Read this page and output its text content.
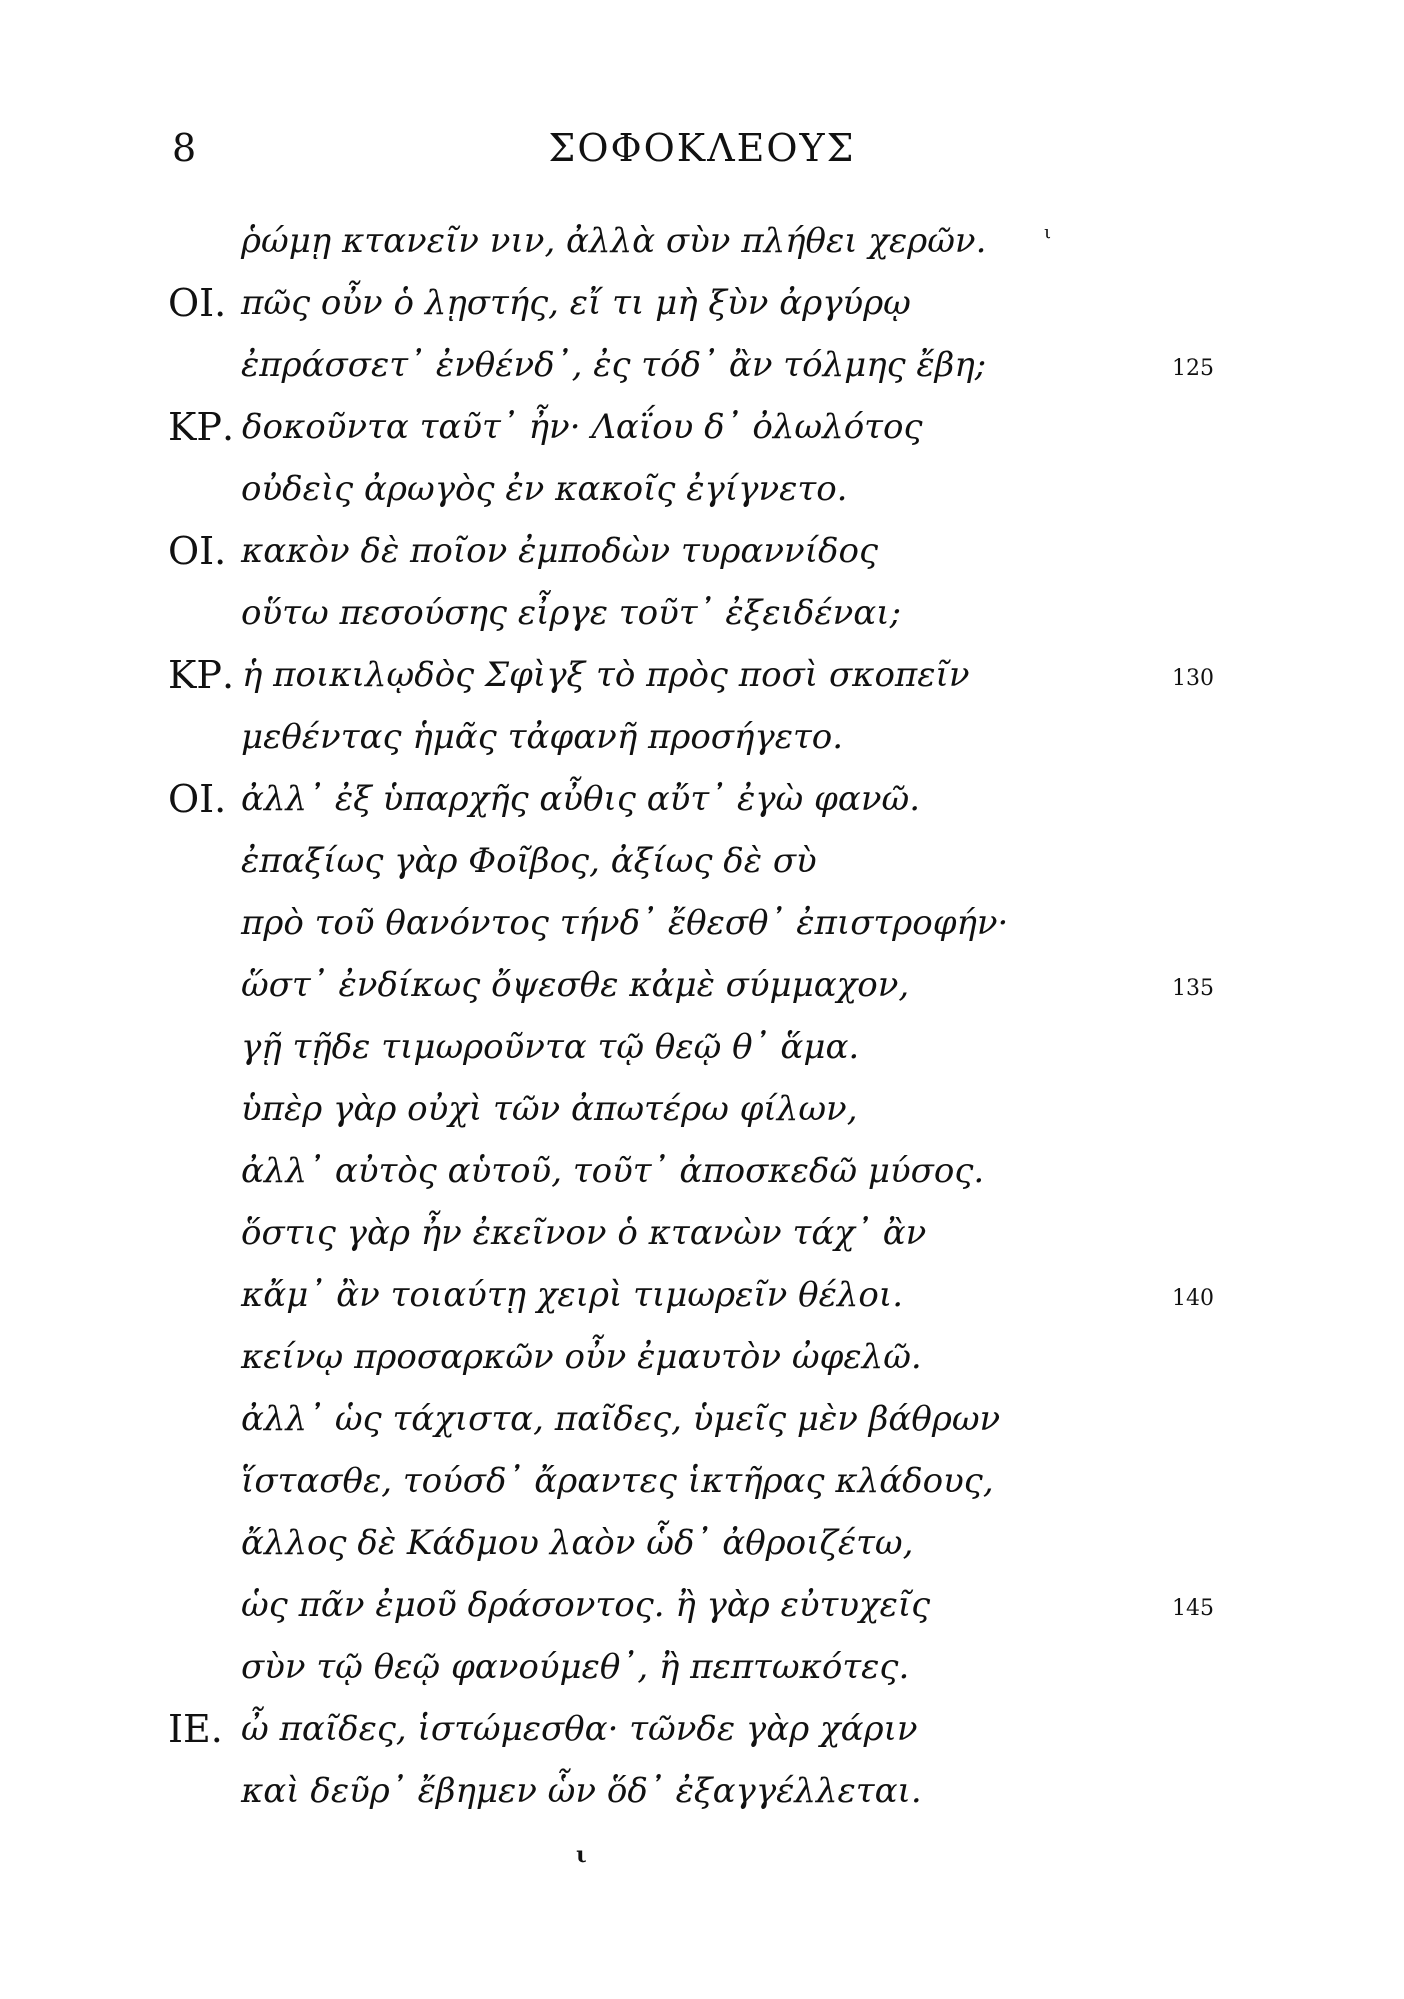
8	ΣΟΦΟΚΛΕΟΥΣ
ι
ῥώμῃ κτανεῖν νιν, ἀλλὰ σὺν πλήθει χερῶν.
ΟΙ. πῶς οὖν ὁ λῃστής, εἴ τι μὴ ξὺν ἀργύρῳ
ἐπράσσετ᾽ ἐνθένδ᾽, ἐς τόδ᾽ ἂν τόλμης ἔβη;	125
ΚΡ. δοκοῦντα ταῦτ᾽ ἦν· Λαΐου δ᾽ ὀλωλότος
οὐδεὶς ἀρωγὸς ἐν κακοῖς ἐγίγνετο.
ΟΙ. κακὸν δὲ ποῖον ἐμποδὼν τυραννίδος
οὕτω πεσούσης εἶργε τοῦτ᾽ ἐξειδέναι;
ΚΡ. ἡ ποικιλῳδὸς Σφὶγξ τὸ πρὸς ποσὶ σκοπεῖν	130
μεθέντας ἡμᾶς τἀφανῆ προσήγετο.
ΟΙ. ἀλλ᾽ ἐξ ὑπαρχῆς αὖθις αὔτ᾽ ἐγὼ φανῶ.
ἐπαξίως γὰρ Φοῖβος, ἀξίως δὲ σὺ
πρὸ τοῦ θανόντος τήνδ᾽ ἔθεσθ᾽ ἐπιστροφήν·
ὥστ᾽ ἐνδίκως ὄψεσθε κἀμὲ σύμμαχον,	135
γῇ τῇδε τιμωροῦντα τῷ θεῷ θ᾽ ἅμα.
ὑπὲρ γὰρ οὐχὶ τῶν ἀπωτέρω φίλων,
ἀλλ᾽ αὐτὸς αὑτοῦ, τοῦτ᾽ ἀποσκεδῶ μύσος.
ὅστις γὰρ ἦν ἐκεῖνον ὁ κτανὼν τάχ᾽ ἂν
κἄμ᾽ ἂν τοιαύτῃ χειρὶ τιμωρεῖν θέλοι.	140
κείνῳ προσαρκῶν οὖν ἐμαυτὸν ὠφελῶ.
ἀλλ᾽ ὡς τάχιστα, παῖδες, ὑμεῖς μὲν βάθρων
ἵστασθε, τούσδ᾽ ἄραντες ἱκτῆρας κλάδους,
ἄλλος δὲ Κάδμου λαὸν ὧδ᾽ ἀθροιζέτω,
ὡς πᾶν ἐμοῦ δράσοντος. ἢ γὰρ εὐτυχεῖς	145
σὺν τῷ θεῷ φανούμεθ᾽, ἢ πεπτωκότες.
ΙΕ. ὦ παῖδες, ἱστώμεσθα· τῶνδε γὰρ χάριν
καὶ δεῦρ᾽ ἔβημεν ὧν ὅδ᾽ ἐξαγγέλλεται.
ι
